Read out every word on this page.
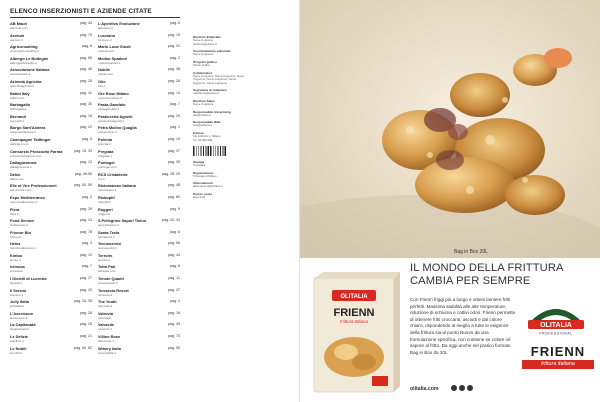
ELENCO INSERZIONISTI E AZIENDE CITATE
AB Mauri
abmauri.com
pag. 43
Acetum
acetum.it
pag. 79
Agriconsulting
www.agriconsulting.it
pag. 8
Albergo Le Botteghe
albergolebotteghe.it
pag. 65
Associazione Italiana
associazione.it
pag. 46
Azienda Agricola
aziendaagricola.it
pag. 25
Babbi Italy
babbi.com
pag. 41
Barbagallo
barbagallo.it
pag. 30
Bernardi
bernardi.it
pag. 16
Borgo Sant'Andrea
borgosantandrea.it
pag. 22
Champagne Taittinger
taittinger.com
pag. 5
Consorzio Prosciutto Parma
prosciuttodiparma.com
pag. 15, 33
Dallagiovanna
dallagiovanna.it
pag. 13
Debic
debic.com
pag. 49-50
Elle et Vire Professionnel
elle-et-vire.com
pag. 54, 55
Expo Mediterraneo
expomediterraneo.it
pag. 2
Fiera
fiera.it
pag. 29
Food Service
foodservice.it
pag. 24
Frionor Bio
frionor.it
pag. 78
Heinz
heinzfoodservice.it
pag. 3
Kimbo
kimbo.it
pag. 12
Ichnusa
ichnusa.it
pag. 7
I Gioielli di Lucrezia
igioielli.it
pag. 27
Il Sereno
ilsereno.it
pag. 20
Jolly Italia
jollyitalia.it
pag. 34, 35
L'Ascensore
lascensore.it
pag. 26
La Capitanata
lacapitanata.it
pag. 25
Le Delizie
ledelizie.it
pag. 21
Le Nobili
lenobili.it
pag. 60, 62
L'Aperitivo Evoluzione
laperitivo.it
pag. 6
Lucciano
lucciano.it
pag. 15
Mario Luca Giusti
marioluca.it
pag. 31
Molino Spadoni
molinospadoni.it
pag. 2
Nobile
nobile.com
pag. 38
Olio
olio.it
pag. 26
Ore Rose Milano
oreerosemilano.it
pag. 14
Pasta Garofalo
pastagarofalo.it
pag. 7
Pasticceria Agnelli
pasticceriaagnelli.it
pag. 29
Petra Molino Quaglia
petramolino.it
pag. 1
Polenta
polenta.it
pag. 10
Pregiata
pregiata.it
pag. 37
Puntogel
puntogel.com
pag. 39
RCS Cristalleria
rcs.it
pag. 28, 29
Ristorazione Italiana
ristorazione.it
pag. 48
Risboplif
risboplif.it
pag. 80
Ruggeri
ruggeri.it
pag. 9
S.Pellegrino Sapori Ticino
sanpellegrino.it
pag. 42, 43
Santa Tecla
santatecla.it
pag. 6
Tecnoservizi
tecnoservizi.it
pag. 56
Terroirs
terroirs.it
pag. 44
Tetra Pak
tetrapak.com
pag. 8
Tenute Quadri
tenutequadri.it
pag. 11
Torraccia Resort
torraccia.it
pag. 47
The Youth
theyouth.it
pag. 4
Valrovia
valrovia.it
pag. 16
Valverde
valverde.it
pag. 49
Villino Rose
villinorose.it
pag. 73
Winery Italia
wineryitalia.it
pag. 50
Direttore Editoriale
Nome Cognome
direttore@editore.it
Coordinamento editoriale
Nome Cognome
Progetto grafico
Studio grafico
Collaboratori
Nome Cognome, Nome Cognome, Nome
Cognome, Nome Cognome, Nome
Cognome, Nome Cognome
Segreteria di redazione
redazione@editore.it
Direttore Sales
Nome Cognome
Responsabile Advertising
adv@editore.it
Responsabile Web
web@editore.it
Editore
Via Indirizzo 1, Milano
Tel. 02 000 000
Stampa
Tipografia
Registrazione
Tribunale di Milano
Abbonamenti
abbonamenti@editore.it
Prezzo copia
Euro 5,00
Bag in Box 20L
OLITALIA
FRIENN
Frittura Italiana
IL MONDO DELLA FRITTURA
CAMBIA PER SEMPRE
Con Frienn friggi più a lungo e ottieni lamiere fritti perfetti. Massima stabilità alle alte temperature, riduzione di schiuma e cattivi odori. Frienn permette di ottenere fritti croccanti, asciutti e dal colore chiaro, rispondendo al meglio a tutte le esigenze della frittura sia al punto Nuovo da una formulazione specifica, non contiene se colore né sapore al fritto. Da oggi anche nel pratico formato Bag in Box da 20L
olitalia.com
OLITALIA
PROFESSIONAL
FRIENN
frittura italiana
